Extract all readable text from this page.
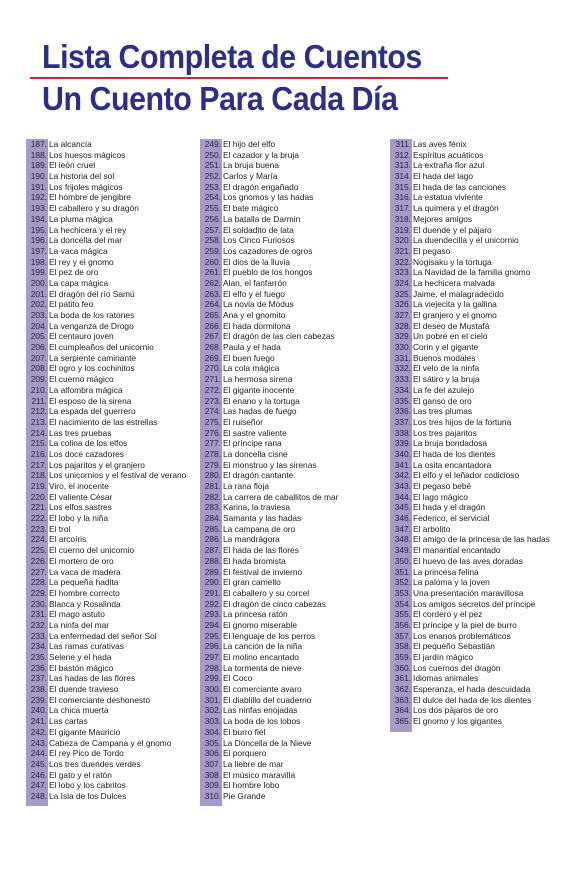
Lista Completa de Cuentos
Un Cuento Para Cada Día
187. La alcancía
188. Los huesos mágicos
189. El león cruel
190. La historia del sol
191. Los frijoles mágicos
192. El hombre de jengibre
193. El caballero y su dragón
194. La pluma mágica
195. La hechicera y el rey
196. La doncella del mar
197. La vaca mágica
198. El rey y el gnomo
199. El pez de oro
200. La capa mágica
201. El dragón del río Samú
202. El patito feo
203. La boda de los ratones
204. La venganza de Drogo
205. El centauro joven
206. El cumpleaños del unicornio
207. La serpiente caminante
208. El ogro y los cochinitos
209. El cuerno mágico
210. La alfombra mágica
211. El esposo de la sirena
212. La espada del guerrero
213. El nacimiento de las estrellas
214. Las tres pruebas
215. La colina de los elfos
216. Los doce cazadores
217. Los pajaritos y el granjero
218. Los unicornios y el festival de verano
219. Viro, el inocente
220. El valiente César
221. Los elfos sastres
222. El lobo y la niña
223. El trol
224. El arcoíris
225. El cuerno del unicornio
226. El mortero de oro
227. La vaca de madera
228. La pequeña hadita
229. El hombre correcto
230. Blanca y Rosalinda
231. El mago astuto
232. La ninfa del mar
233. La enfermedad del señor Sol
234. Las ramas curativas
235. Selene y el hada
236. El bastón mágico
237. Las hadas de las flores
238. El duende travieso
239. El comerciante deshonesto
240. La chica muerta
241. Las cartas
242. El gigante Mauricio
243. Cabeza de Campana y el gnomo
244. El rey Pico de Tordo
245. Los tres duendes verdes
246. El gato y el ratón
247. El lobo y los cabritos
248. La Isla de los Dulces
249. El hijo del elfo
250. El cazador y la bruja
251. La bruja buena
252. Carlos y María
253. El dragón engañado
254. Los gnomos y las hadas
255. El bate mágico
256. La batalla de Darmin
257. El soldadito de lata
258. Los Cinco Furiosos
259. Los cazadores de ogros
260. El dios de la lluvia
261. El pueblo de los hongos
262. Alan, el fanfarrón
263. El elfo y el fuego
264. La novia de Modus
265. Ana y el gnomito
266. El hada dormilona
267. El dragón de las cien cabezas
268. Paula y el hada
269. El buen fuego
270. La cola mágica
271. La hermosa sirena
272. El gigante inocente
273. El enano y la tortuga
274. Las hadas de fuego
275. El ruiseñor
276. El sastre valiente
277. El príncipe rana
278. La doncella cisne
279. El monstruo y las sirenas
280. El dragón cantante
281. La rana floja
282. La carrera de caballitos de mar
283. Karina, la traviesa
284. Samanta y las hadas
285. La campana de oro
286. La mandrágora
287. El hada de las flores
288. El hada bromista
289. El festival de invierno
290. El gran camello
291. El caballero y su corcel
292. El dragón de cinco cabezas
293. La princesa ratón
294. El gnomo miserable
295. El lenguaje de los perros
296. La canción de la niña
297. El molino encantado
298. La tormenta de nieve
299. El Coco
300. El comerciante avaro
301. El diablillo del cuaderno
302. Las ninfas enojadas
303. La boda de los lobos
304. El burro fiel
305. La Doncella de la Nieve
306. El porquero
307. La liebre de mar
308. El músico maravilla
309. El hombre lobo
310. Pie Grande
311. Las aves fénix
312. Espíritus acuáticos
313. La extraña flor azul
314. El hada del lago
315. El hada de las canciones
316. La estatua viviente
317. La quimera y el dragón
318. Mejores amigos
319. El duende y el pájaro
320. La duendecilla y el unicornio
321. El pegaso
322. Nogisaku y la tortuga
323. La Navidad de la familia gnomo
324. La hechicera malvada
325. Jaime, el malagradecido
326. La viejecita y la gallina
327. El granjero y el gnomo
328. El deseo de Mustafá
329. Un pobre en el cielo
330. Corin y el gigante
331. Buenos modales
332. El velo de la ninfa
333. El sátiro y la bruja
334. La fe del azulejo
335. El ganso de oro
336. Las tres plumas
337. Los tres hijos de la fortuna
338. Los tres pajaritos
339. La bruja bondadosa
340. El hada de los dientes
341. La osita encantadora
342. El elfo y el leñador codicioso
343. El pegaso bebé
344. El lago mágico
345. El hada y el dragón
346. Federico, el servicial
347. El arbolito
348. El amigo de la princesa de las hadas
349. El manantial encantado
350. El huevo de las aves doradas
351. La princesa felina
352. La paloma y la joven
353. Una presentación maravillosa
354. Los amigos secretos del príncipe
355. El cordero y el pez
356. El príncipe y la piel de burro
357. Los enanos problemáticos
358. El pequeño Sebastián
359. El jardín mágico
360. Los cuernos del dragón
361. Idiomas animales
362. Esperanza, el hada descuidada
363. El dulce del hada de los dientes
364. Los dos pájaros de oro
365. El gnomo y los gigantes
